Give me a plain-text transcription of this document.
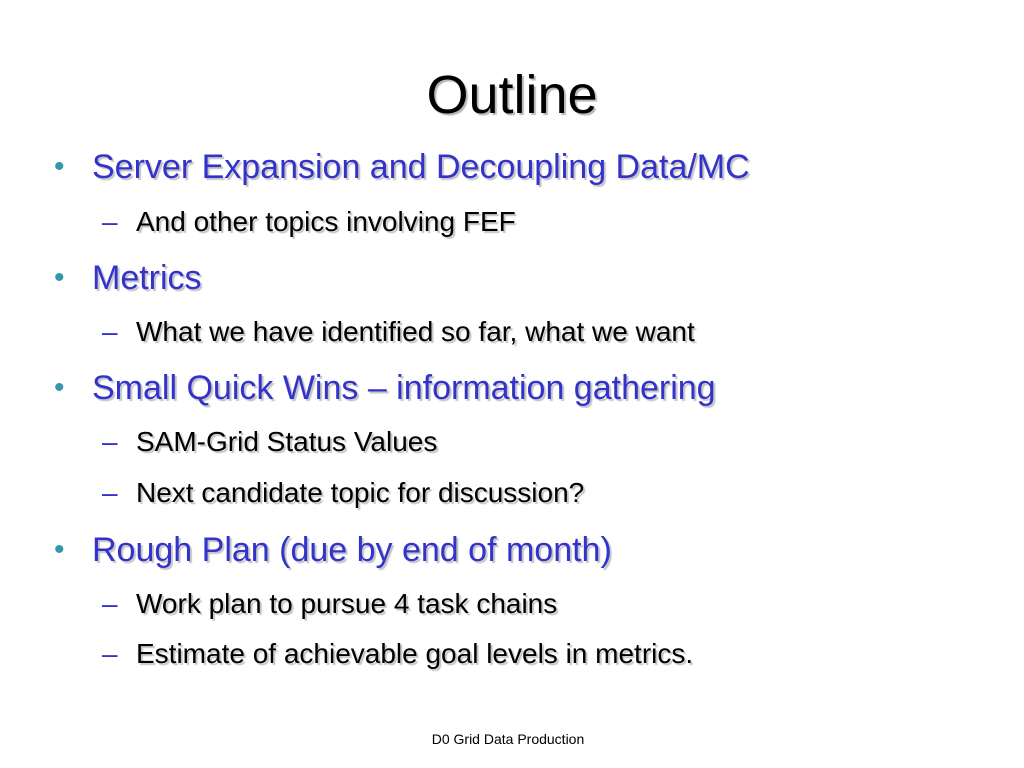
Outline
• Server Expansion and Decoupling Data/MC
– And other topics involving FEF
• Metrics
– What we have identified so far, what we want
• Small Quick Wins – information gathering
– SAM-Grid Status Values
– Next candidate topic for discussion?
• Rough Plan (due by end of month)
– Work plan to pursue 4 task chains
– Estimate of achievable goal levels in metrics.
D0 Grid Data Production
